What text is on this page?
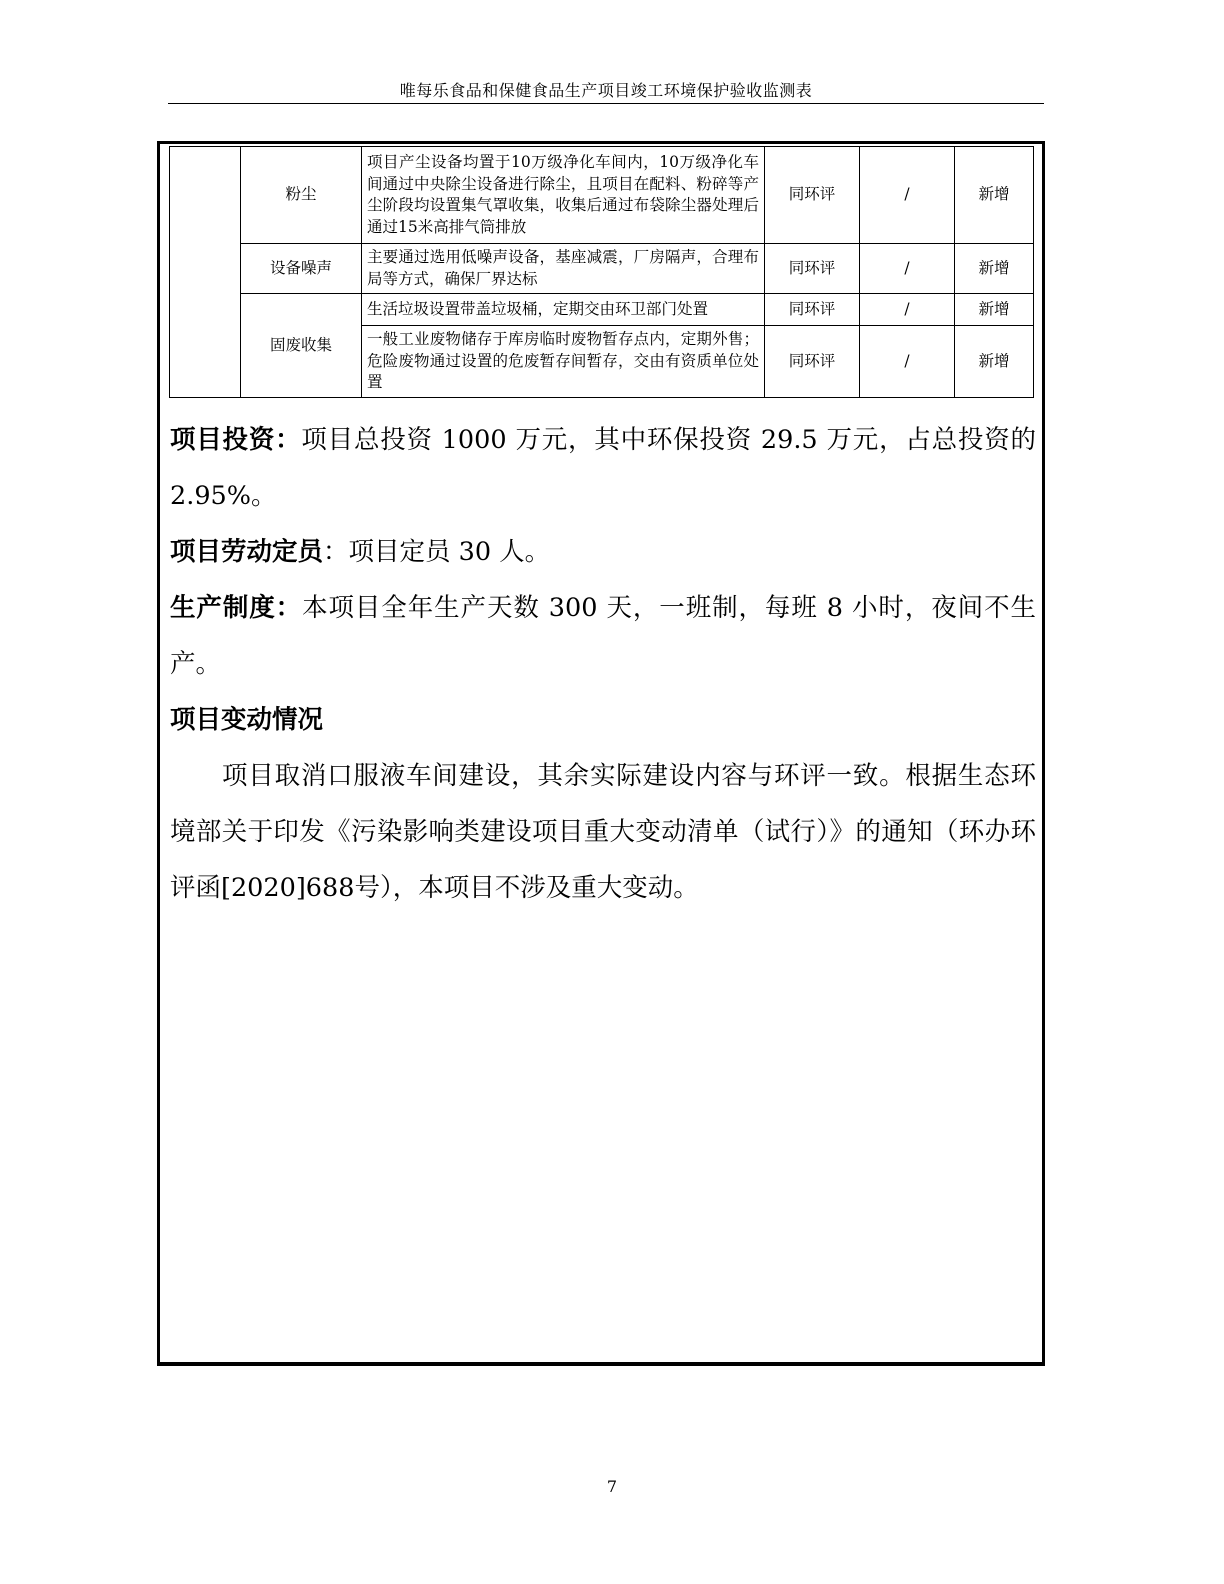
唯每乐食品和保健食品生产项目竣工环境保护验收监测表
	粉尘	项目产尘设备均置于10万级净化车间内，10万级净化车间通过中央除尘设备进行除尘，且项目在配料、粉碎等产尘阶段均设置集气罩收集，收集后通过布袋除尘器处理后通过15米高排气筒排放	同环评	/	新增
	设备噪声	主要通过选用低噪声设备，基座减震，厂房隔声，合理布局等方式，确保厂界达标	同环评	/	新增
	固废收集	生活垃圾设置带盖垃圾桶，定期交由环卫部门处置	同环评	/	新增
		一般工业废物储存于库房临时废物暂存点内，定期外售；危险废物通过设置的危废暂存间暂存，交由有资质单位处置	同环评	/	新增

项目投资：项目总投资 1000 万元，其中环保投资 29.5 万元，占总投资的2.95%。

项目劳动定员：项目定员 30 人。

生产制度：本项目全年生产天数 300 天，一班制，每班 8 小时，夜间不生产。

项目变动情况

项目取消口服液车间建设，其余实际建设内容与环评一致。根据生态环境部关于印发《污染影响类建设项目重大变动清单（试行）》的通知（环办环评函[2020]688号），本项目不涉及重大变动。

7
